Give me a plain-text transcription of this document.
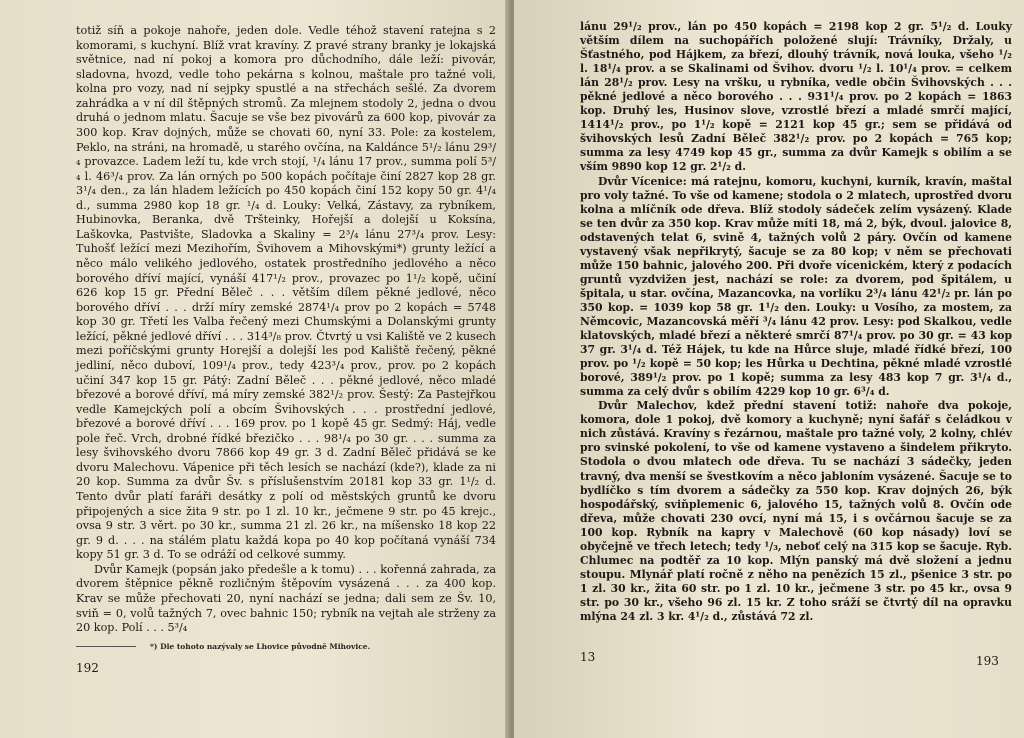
totiž síň a pokoje nahoře, jeden dole. Vedle téhož stavení ratejna s 2 komorami, s kuchyní. Blíž vrat kravíny. Z pravé strany branky je lokajská světnice, nad ní pokoj a komora pro důchodního, dále leží: pivovár, sladovna, hvozd, vedle toho pekárna s kolnou, maštale pro tažné voli, kolna pro vozy, nad ní sejpky spustlé a na střechách sešlé. Za dvorem zahrádka a v ní díl štěpných stromů. Za mlejnem stodoly 2, jedna o dvou druhá o jednom mlatu. Šacuje se vše bez pivovárů za 600 kop, pivovár za 300 kop. Krav dojných, může se chovati 60, nyní 33. Pole: za kostelem, Peklo, na stráni, na hromadě, u starého ovčína, na Kaldánce 5¹/₂ lánu 29³/₄ provazce. Ladem leží tu, kde vrch stojí, ¹/₄ lánu 17 prov., summa polí 5³/₄ l. 46³/₄ prov. Za lán orných po 500 kopách počítaje činí 2827 kop 28 gr. 3¹/₄ den., za lán hladem ležících po 450 kopách činí 152 kopy 50 gr. 4¹/₄ d., summa 2980 kop 18 gr. ¹/₄ d. Louky: Velká, Zástavy, za rybníkem, Hubinovka, Beranka, dvě Tršteinky, Hořejší a dolejší u Koksína, Laškovka, Pastvište, Sladovka a Skaliny = 2³/₄ lánu 27³/₄ prov. Lesy: Tuhošť ležící mezi Mezihořím, Švihovem a Mihovskými*) grunty ležící a něco málo velikého jedlového, ostatek prostředního jedlového a něco borového dříví mající, vynáší 417¹/₂ prov., provazec po 1¹/₂ kopě, učiní 626 kop 15 gr. Přední Běleč . . . větším dílem pěkné jedlové, něco borového dříví . . . drží míry zemské 2874¹/₄ prov po 2 kopách = 5748 kop 30 gr. Třetí les Valba řečený mezi Chumskými a Dolanskými grunty ležící, pěkné jedlové dříví . . . 314³/₈ prov. Čtvrtý u vsi Kaliště ve 2 kusech mezi poříčskými grunty Horejší a dolejší les pod Kaliště řečený, pěkné jedliní, něco duboví, 109¹/₄ prov., tedy 423³/₄ prov., prov. po 2 kopách učiní 347 kop 15 gr. Pátý: Zadní Běleč . . . pěkné jedlové, něco mladé březové a borové dříví, má míry zemské 382¹/₂ prov. Šestý: Za Pastejřkou vedle Kamejckých polí a obcím Švihovských . . . prostřední jedlové, březové a borové dříví . . . 169 prov. po 1 kopě 45 gr. Sedmý: Háj, vedle pole řeč. Vrch, drobné řídké březičko . . . 98¹/₄ po 30 gr. . . . summa za lesy švihovského dvoru 7866 kop 49 gr. 3 d. Zadní Běleč přidává se ke dvoru Malechovu. Vápenice při těch lesích se nachází (kde?), klade za ni 20 kop. Summa za dvůr Šv. s příslušenstvím 20181 kop 33 gr. 1¹/₂ d. Tento dvůr platí faráři desátky z polí od městských gruntů ke dvoru připojených a sice žita 9 str. po 1 zl. 10 kr., ječmene 9 str. po 45 krejc., ovsa 9 str. 3 věrt. po 30 kr., summa 21 zl. 26 kr., na míšensko 18 kop 22 gr. 9 d. . . . na stálém platu každá kopa po 40 kop počítaná vynáší 734 kopy 51 gr. 3 d. To se odráží od celkové summy.

Dvůr Kamejk (popsán jako předešle a k tomu) . . . kořenná zahrada, za dvorem štěpnice pěkně rozličným štěpovím vysázená . . . za 400 kop. Krav se může přechovati 20, nyní nachází se jedna; dali sem ze Šv. 10, sviň = 0, volů tažných 7, ovec bahnic 150; rybník na vejtah ale strženy za 20 kop. Polí . . . 5³/₄

*) Dle tohoto nazývaly se Lhovice původně Mihovice.
192

lánu 29¹/₂ prov., lán po 450 kopách = 2198 kop 2 gr. 5¹/₂ d. Louky větším dílem na suchopářích položené slují: Trávníky, Držaly, u Šťastného, pod Hájkem, za březí, dlouhý trávník, nová louka, všeho ¹/₂ l. 18¹/₄ prov. a se Skalinami od Švihov. dvoru ¹/₂ l. 10¹/₄ prov. = celkem lán 28¹/₂ prov. Lesy na vršku, u rybníka, vedle občin Švihovských . . . pěkné jedlové a něco borového . . . 931¹/₄ prov. po 2 kopách = 1863 kop. Druhý les, Husinov slove, vzrostlé březí a mladé smrčí mající, 1414¹/₂ prov., po 1¹/₂ kopě = 2121 kop 45 gr.; sem se přidává od švihovských lesů Zadní Běleč 382¹/₂ prov. po 2 kopách = 765 kop; summa za lesy 4749 kop 45 gr., summa za dvůr Kamejk s obilím a se vším 9890 kop 12 gr. 2¹/₂ d.

Dvůr Vícenice: má ratejnu, komoru, kuchyni, kurník, kravín, maštal pro voly tažné. To vše od kamene; stodola o 2 mlatech, uprostřed dvoru kolna a mlíčník ode dřeva. Blíž stodoly sádeček zelím vysázený. Klade se ten dvůr za 350 kop. Krav může míti 18, má 2, býk, dvoul. jalovice 8, odstavených telat 6, svině 4, tažných volů 2 páry. Ovčín od kamene vystavený však nepřikrytý, šacuje se za 80 kop; v něm se přechovati může 150 bahnic, jalového 200. Při dvoře vícenickém, který z podacích gruntů vyzdvižen jest, nachází se role: za dvorem, pod špitálem, u špitala, u star. ovčína, Mazancovka, na vorlíku 2³/₄ lánu 42¹/₂ pr. lán po 350 kop. = 1039 kop 58 gr. 1¹/₂ den. Louky: u Vosího, za mostem, za Němcovic, Mazancovská měří ³/₄ lánu 42 prov. Lesy: pod Skalkou, vedle klatovských, mladé březí a některé smrčí 87¹/₄ prov. po 30 gr. = 43 kop 37 gr. 3¹/₄ d. Též Hájek, tu kde na Hůrce sluje, mladé řídké březí, 100 prov. po ¹/₂ kopě = 50 kop; les Hůrka u Dechtina, pěkné mladé vzrostlé borové, 389¹/₂ prov. po 1 kopě; summa za lesy 483 kop 7 gr. 3¹/₄ d., summa za celý dvůr s obilím 4229 kop 10 gr. 6³/₄ d.

Dvůr Malechov, kdež přední stavení totiž: nahoře dva pokoje, komora, dole 1 pokoj, dvě komory a kuchyně; nyní šafář s čeládkou v nich zůstává. Kravíny s řezárnou, maštale pro tažné voly, 2 kolny, chlév pro svinské pokolení, to vše od kamene vystaveno a šindelem přikryto. Stodola o dvou mlatech ode dřeva. Tu se nachází 3 sádečky, jeden travný, dva menší se švestkovím a něco jabloním vysázené. Šacuje se to bydlíčko s tím dvorem a sádečky za 550 kop. Krav dojných 26, býk hospodářský, sviňplemenic 6, jalového 15, tažných volů 8. Ovčín ode dřeva, může chovati 230 ovcí, nyní má 15, i s ovčárnou šacuje se za 100 kop. Rybník na kapry v Malechově (60 kop násady) loví se obyčejně ve třech letech; tedy ¹/₃, neboť celý na 315 kop se šacuje. Ryb. Chlumec na podtěř za 10 kop. Mlýn panský má dvě složení a jednu stoupu. Mlynář platí ročně z něho na penězích 15 zl., pšenice 3 str. po 1 zl. 30 kr., žita 60 str. po 1 zl. 10 kr., ječmene 3 str. po 45 kr., ovsa 9 str. po 30 kr., všeho 96 zl. 15 kr. Z toho sráží se čtvrtý díl na opravku mlýna 24 zl. 3 kr. 4¹/₂ d., zůstává 72 zl.

13	193
